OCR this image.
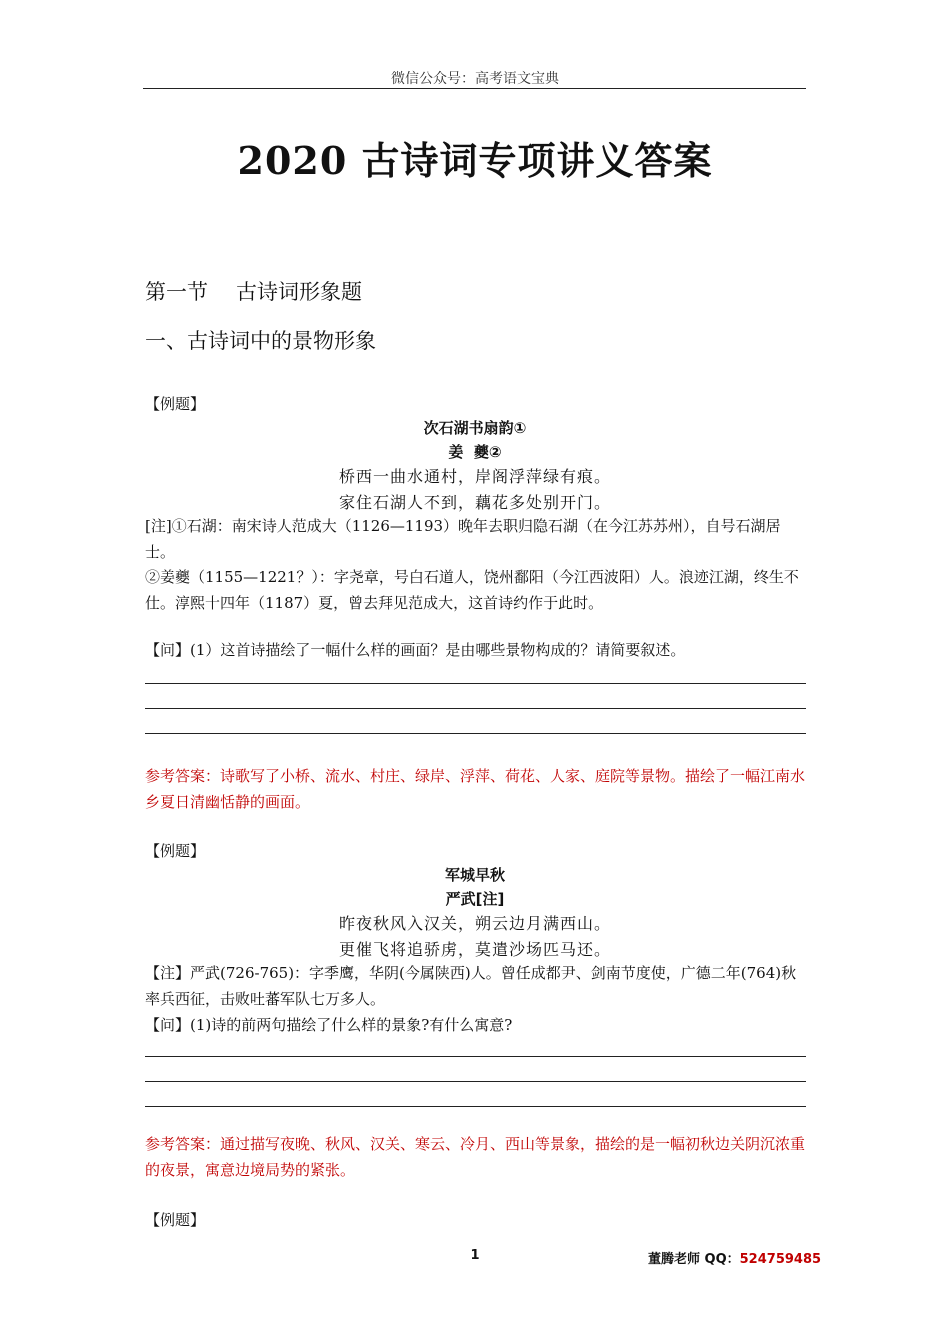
微信公众号：高考语文宝典
2020 古诗词专项讲义答案
第一节 古诗词形象题
一、古诗词中的景物形象
【例题】
次石湖书扇韵①
姜  夔②
桥西一曲水通村，岸阁浮萍绿有痕。
家住石湖人不到，藕花多处别开门。
[注]①石湖：南宋诗人范成大（1126—1193）晚年去职归隐石湖（在今江苏苏州），自号石湖居士。
②姜夔（1155—1221？）：字尧章，号白石道人，饶州鄱阳（今江西波阳）人。浪迹江湖，终生不仕。淳熙十四年（1187）夏，曾去拜见范成大，这首诗约作于此时。
【问】(1）这首诗描绘了一幅什么样的画面？是由哪些景物构成的？请简要叙述。
参考答案：诗歌写了小桥、流水、村庄、绿岸、浮萍、荷花、人家、庭院等景物。描绘了一幅江南水乡夏日清幽恬静的画面。
【例题】
军城早秋
严武[注]
昨夜秋风入汉关，朔云边月满西山。
更催飞将追骄虏，莫遣沙场匹马还。
【注】严武(726-765)：字季鹰，华阴(今属陕西)人。曾任成都尹、剑南节度使，广德二年(764)秋率兵西征，击败吐蕃军队七万多人。
【问】(1)诗的前两句描绘了什么样的景象?有什么寓意?
参考答案：通过描写夜晚、秋风、汉关、寒云、冷月、西山等景象，描绘的是一幅初秋边关阴沉浓重的夜景，寓意边境局势的紧张。
【例题】
1	董腾老师 QQ：524759485
